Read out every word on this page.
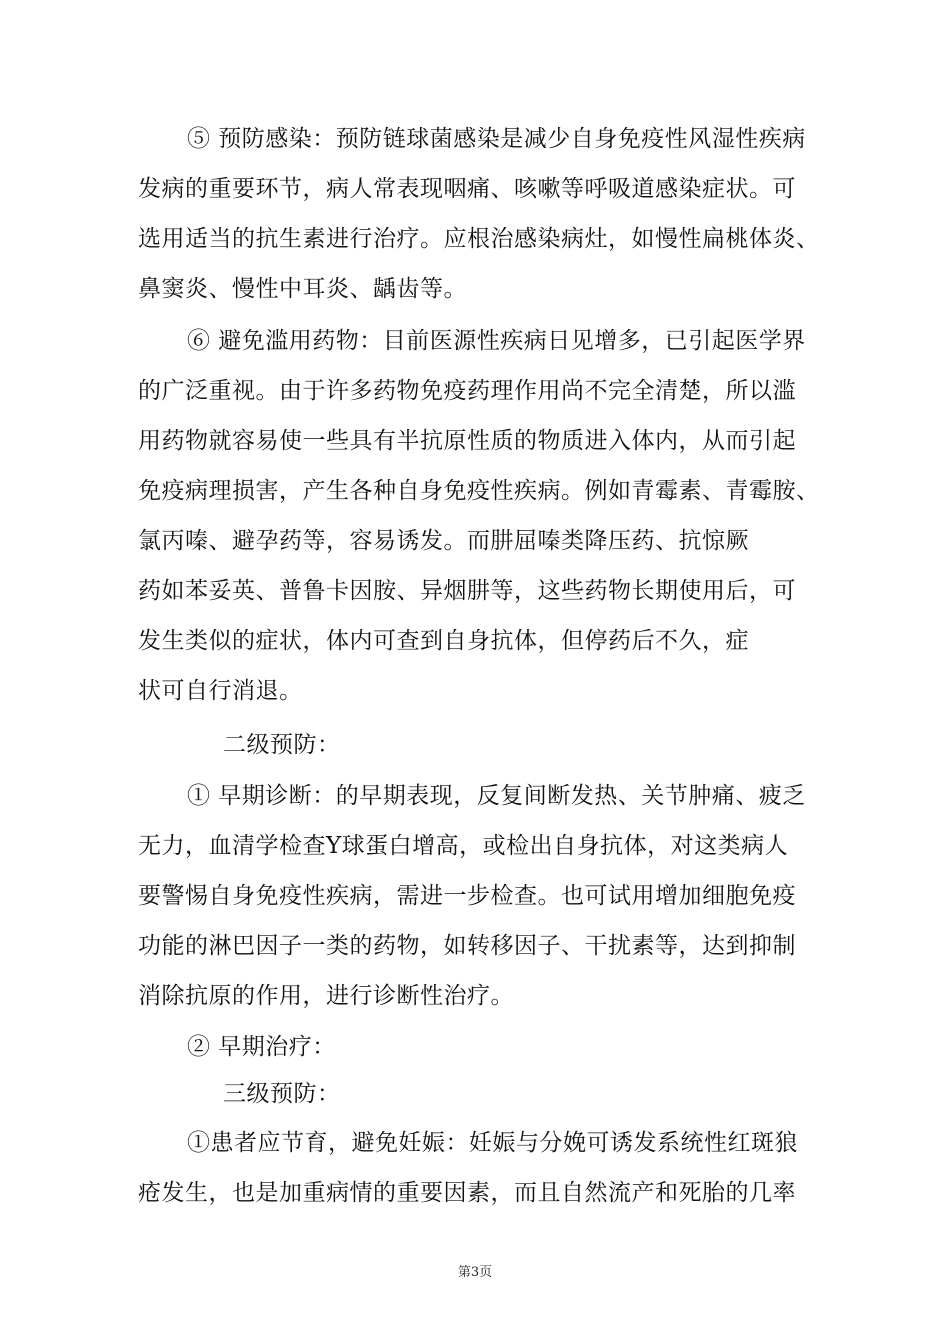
⑤ 预防感染：预防链球菌感染是减少自身免疫性风湿性疾病
发病的重要环节，病人常表现咽痛、咳嗽等呼吸道感染症状。可
选用适当的抗生素进行治疗。应根治感染病灶，如慢性扁桃体炎、
鼻窦炎、慢性中耳炎、龋齿等。
⑥ 避免滥用药物：目前医源性疾病日见增多，已引起医学界
的广泛重视。由于许多药物免疫药理作用尚不完全清楚，所以滥
用药物就容易使一些具有半抗原性质的物质进入体内，从而引起
免疫病理损害，产生各种自身免疫性疾病。例如青霉素、青霉胺、
氯丙嗪、避孕药等，容易诱发。而肼屈嗪类降压药、抗惊厥
药如苯妥英、普鲁卡因胺、异烟肼等，这些药物长期使用后，可
发生类似的症状，体内可查到自身抗体，但停药后不久，症
状可自行消退。
二级预防：
① 早期诊断：的早期表现，反复间断发热、关节肿痛、疲乏
无力，血清学检查Υ球蛋白增高，或检出自身抗体，对这类病人
要警惕自身免疫性疾病，需进一步检查。也可试用增加细胞免疫
功能的淋巴因子一类的药物，如转移因子、干扰素等，达到抑制
消除抗原的作用，进行诊断性治疗。
② 早期治疗：
三级预防：
①患者应节育，避免妊娠：妊娠与分娩可诱发系统性红斑狼
疮发生，也是加重病情的重要因素，而且自然流产和死胎的几率
第3页
